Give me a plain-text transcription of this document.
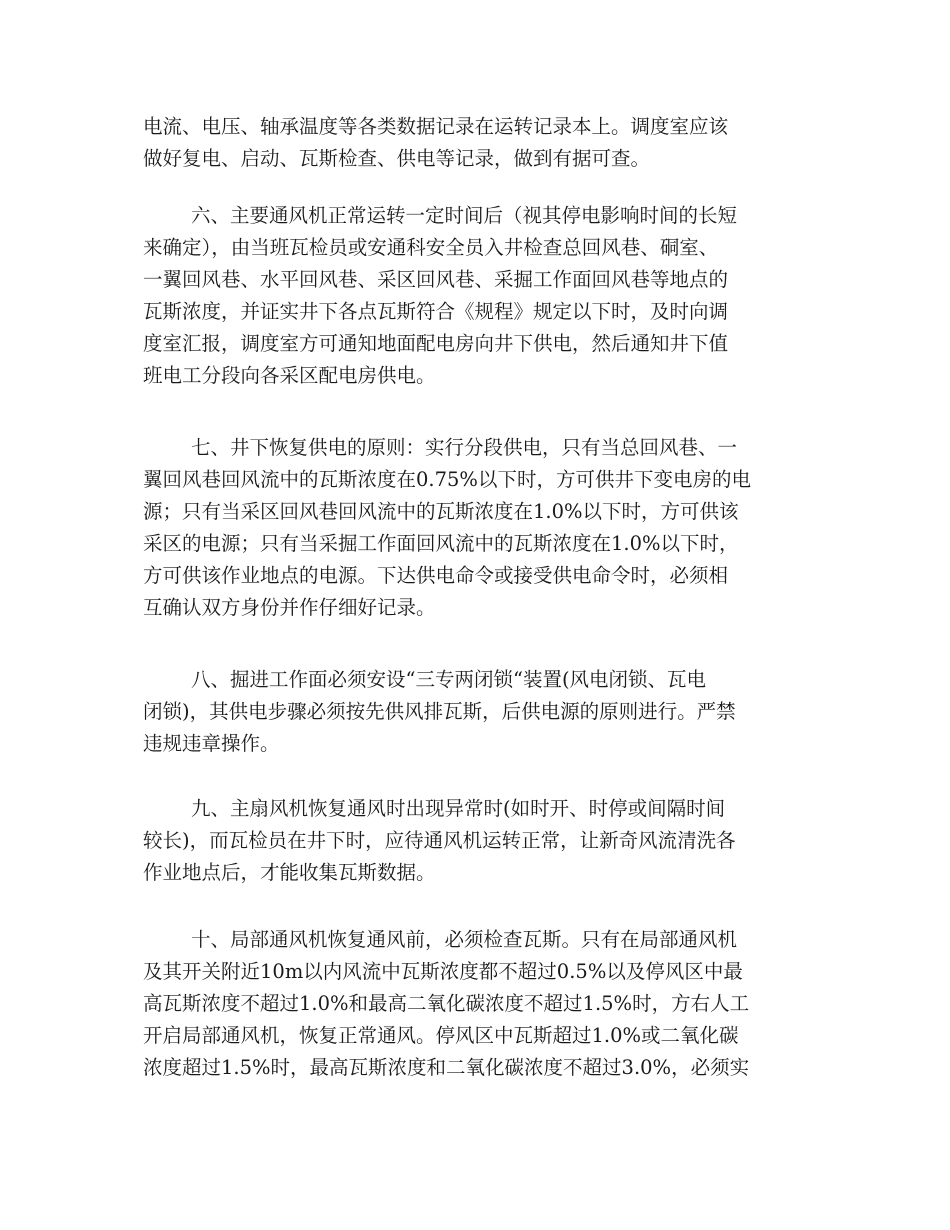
电流、电压、轴承温度等各类数据记录在运转记录本上。调度室应该
做好复电、启动、瓦斯检查、供电等记录，做到有据可查。
六、主要通风机正常运转一定时间后（视其停电影响时间的长短
来确定），由当班瓦检员或安通科安全员入井检查总回风巷、硐室、
一翼回风巷、水平回风巷、采区回风巷、采掘工作面回风巷等地点的
瓦斯浓度，并证实井下各点瓦斯符合《规程》规定以下时，及时向调
度室汇报，调度室方可通知地面配电房向井下供电，然后通知井下值
班电工分段向各采区配电房供电。
七、井下恢复供电的原则：实行分段供电，只有当总回风巷、一
翼回风巷回风流中的瓦斯浓度在0.75%以下时，方可供井下变电房的电
源；只有当采区回风巷回风流中的瓦斯浓度在1.0%以下时，方可供该
采区的电源；只有当采掘工作面回风流中的瓦斯浓度在1.0%以下时，
方可供该作业地点的电源。下达供电命令或接受供电命令时，必须相
互确认双方身份并作仔细好记录。
八、掘进工作面必须安设“三专两闭锁“装置(风电闭锁、瓦电
闭锁)，其供电步骤必须按先供风排瓦斯，后供电源的原则进行。严禁
违规违章操作。
九、主扇风机恢复通风时出现异常时(如时开、时停或间隔时间
较长)，而瓦检员在井下时，应待通风机运转正常，让新奇风流清洗各
作业地点后，才能收集瓦斯数据。
十、局部通风机恢复通风前，必须检查瓦斯。只有在局部通风机
及其开关附近10m以内风流中瓦斯浓度都不超过0.5%以及停风区中最
高瓦斯浓度不超过1.0%和最高二氧化碳浓度不超过1.5%时，方右人工
开启局部通风机，恢复正常通风。停风区中瓦斯超过1.0%或二氧化碳
浓度超过1.5%时，最高瓦斯浓度和二氧化碳浓度不超过3.0%，必须实
